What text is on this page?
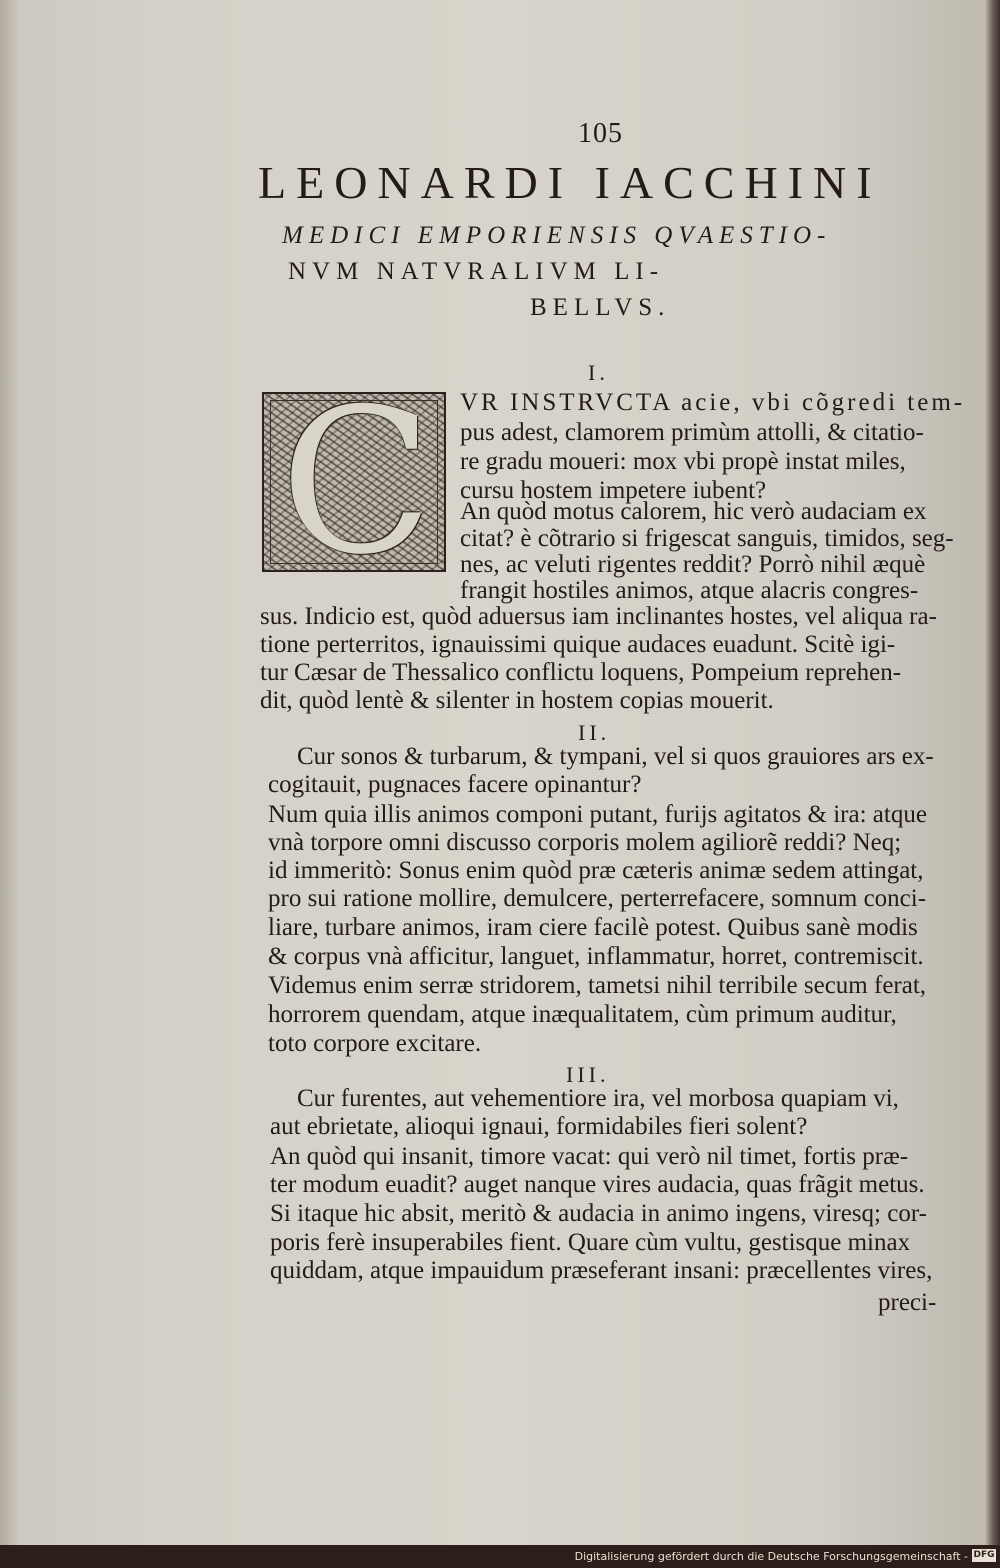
105
LEONARDI IACCHINI
MEDICI EMPORIENSIS QVAESTIO-
NVM NATVRALIVM LI-
BELLVS.
I.
C VR INSTRVCTA acie, vbi cõgredi tem-
pus adest, clamorem primùm attolli, & citatio-
re gradu moueri: mox vbi propè instat miles,
cursu hostem impetere iubent?
An quòd motus calorem, hic verò audaciam ex
citat? è cõtrario si frigescat sanguis, timidos, seg-
nes, ac veluti rigentes reddit? Porrò nihil æquè
frangit hostiles animos, atque alacris congres-
sus. Indicio est, quòd aduersus iam inclinantes hostes, vel aliqua ra-
tione perterritos, ignauissimi quique audaces euadunt. Scitè igi-
tur Cæsar de Thessalico conflictu loquens, Pompeium reprehen-
dit, quòd lentè & silenter in hostem copias mouerit.
II.
Cur sonos & turbarum, & tympani, vel si quos grauiores ars ex-
cogitauit, pugnaces facere opinantur?
Num quia illis animos componi putant, furijs agitatos & ira: atque
vnà torpore omni discusso corporis molem agiliorẽ reddi? Neq;
id immeritò: Sonus enim quòd præ cæteris animæ sedem attingat,
pro sui ratione mollire, demulcere, perterrefacere, somnum conci-
liare, turbare animos, iram ciere facilè potest. Quibus sanè modis
& corpus vnà afficitur, languet, inflammatur, horret, contremiscit.
Videmus enim serræ stridorem, tametsi nihil terribile secum ferat,
horrorem quendam, atque inæqualitatem, cùm primum auditur,
toto corpore excitare.
III.
Cur furentes, aut vehementiore ira, vel morbosa quapiam vi,
aut ebrietate, alioqui ignaui, formidabiles fieri solent?
An quòd qui insanit, timore vacat: qui verò nil timet, fortis præ-
ter modum euadit? auget nanque vires audacia, quas frãgit metus.
Si itaque hic absit, meritò & audacia in animo ingens, viresq; cor-
poris ferè insuperabiles fient. Quare cùm vultu, gestisque minax
quiddam, atque impauidum præseferant insani: præcellentes vires,
preci-
Digitalisierung gefördert durch die Deutsche Forschungsgemeinschaft - DFG
